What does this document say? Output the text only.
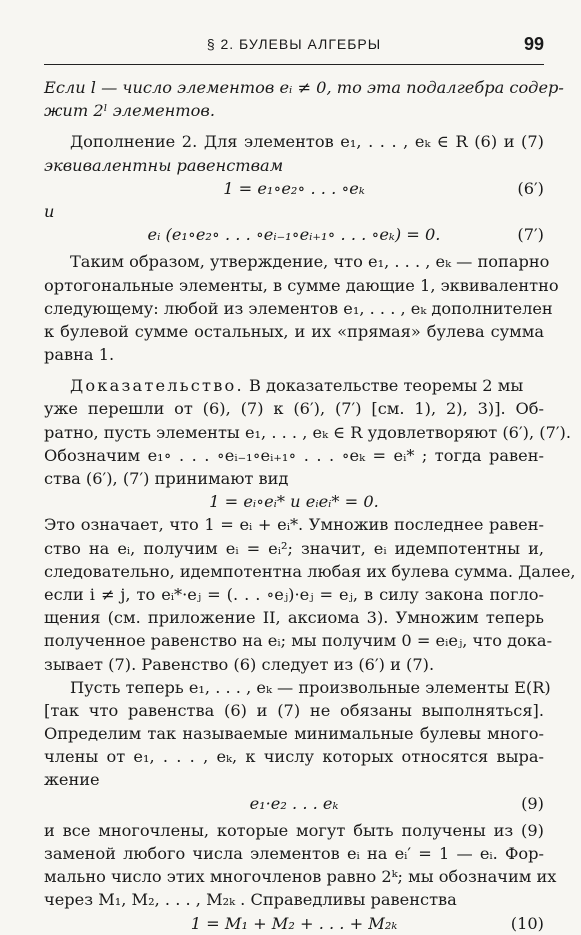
§ 2. БУЛЕВЫ АЛГЕБРЫ	99
Если l — число элементов eᵢ ≠ 0, то эта подалгебра содер-
жит 2ˡ элементов.
Дополнение 2. Для элементов e₁, . . . , eₖ ∈ R (6) и (7)
эквивалентны равенствам
1 = e₁∘e₂∘ . . . ∘eₖ	(6′)
и
eᵢ (e₁∘e₂∘ . . . ∘eᵢ₋₁∘eᵢ₊₁∘ . . . ∘eₖ) = 0.	(7′)
Таким образом, утверждение, что e₁, . . . , eₖ — попарно
ортогональные элементы, в сумме дающие 1, эквивалентно
следующему: любой из элементов e₁, . . . , eₖ дополнителен
к булевой сумме остальных, и их «прямая» булева сумма
равна 1.
Доказательство. В доказательстве теоремы 2 мы
уже перешли от (6), (7) к (6′), (7′) [см. 1), 2), 3)]. Об-
ратно, пусть элементы e₁, . . . , eₖ ∈ R удовлетворяют (6′), (7′).
Обозначим e₁∘ . . . ∘eᵢ₋₁∘eᵢ₊₁∘ . . . ∘eₖ = eᵢ* ; тогда равен-
ства (6′), (7′) принимают вид
1 = eᵢ∘eᵢ* и eᵢeᵢ* = 0.
Это означает, что 1 = eᵢ + eᵢ*. Умножив последнее равен-
ство на eᵢ, получим eᵢ = eᵢ²; значит, eᵢ идемпотентны и,
следовательно, идемпотентна любая их булева сумма. Далее,
если i ≠ j, то eᵢ*·eⱼ = (. . . ∘eⱼ)·eⱼ = eⱼ, в силу закона погло-
щения (см. приложение II, аксиома 3). Умножим теперь
полученное равенство на eᵢ; мы получим 0 = eᵢeⱼ, что дока-
зывает (7). Равенство (6) следует из (6′) и (7).
Пусть теперь e₁, . . . , eₖ — произвольные элементы E(R)
[так что равенства (6) и (7) не обязаны выполняться].
Определим так называемые минимальные булевы много-
члены от e₁, . . . , eₖ, к числу которых относятся выра-
жение
e₁·e₂ . . . eₖ	(9)
и все многочлены, которые могут быть получены из (9)
заменой любого числа элементов eᵢ на eᵢ′ = 1 — eᵢ. Фор-
мально число этих многочленов равно 2ᵏ; мы обозначим их
через M₁, M₂, . . . , M₂ₖ . Справедливы равенства
1 = M₁ + M₂ + . . . + M₂ₖ	(10)
